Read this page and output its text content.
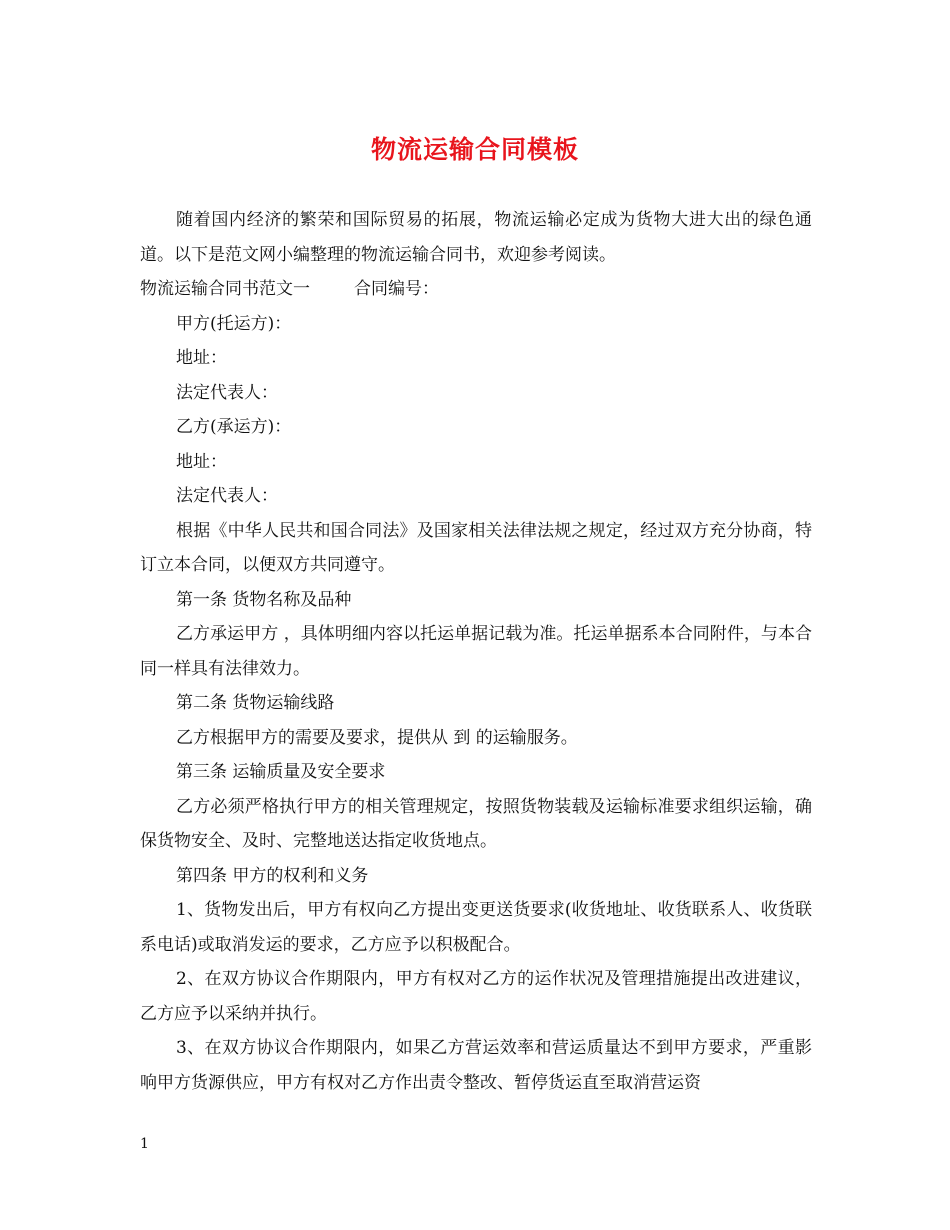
物流运输合同模板

随着国内经济的繁荣和国际贸易的拓展，物流运输必定成为货物大进大出的绿色通道。以下是范文网小编整理的物流运输合同书，欢迎参考阅读。

物流运输合同书范文一	合同编号：

甲方(托运方)：

地址：

法定代表人：

乙方(承运方)：

地址：

法定代表人：

根据《中华人民共和国合同法》及国家相关法律法规之规定，经过双方充分协商，特订立本合同，以便双方共同遵守。

第一条 货物名称及品种

乙方承运甲方 ，具体明细内容以托运单据记载为准。托运单据系本合同附件，与本合同一样具有法律效力。

第二条 货物运输线路

乙方根据甲方的需要及要求，提供从 到 的运输服务。

第三条 运输质量及安全要求

乙方必须严格执行甲方的相关管理规定，按照货物装载及运输标准要求组织运输，确保货物安全、及时、完整地送达指定收货地点。

第四条 甲方的权利和义务

1、货物发出后，甲方有权向乙方提出变更送货要求(收货地址、收货联系人、收货联系电话)或取消发运的要求，乙方应予以积极配合。

2、在双方协议合作期限内，甲方有权对乙方的运作状况及管理措施提出改进建议，乙方应予以采纳并执行。

3、在双方协议合作期限内，如果乙方营运效率和营运质量达不到甲方要求，严重影响甲方货源供应，甲方有权对乙方作出责令整改、暂停货运直至取消营运资

1
